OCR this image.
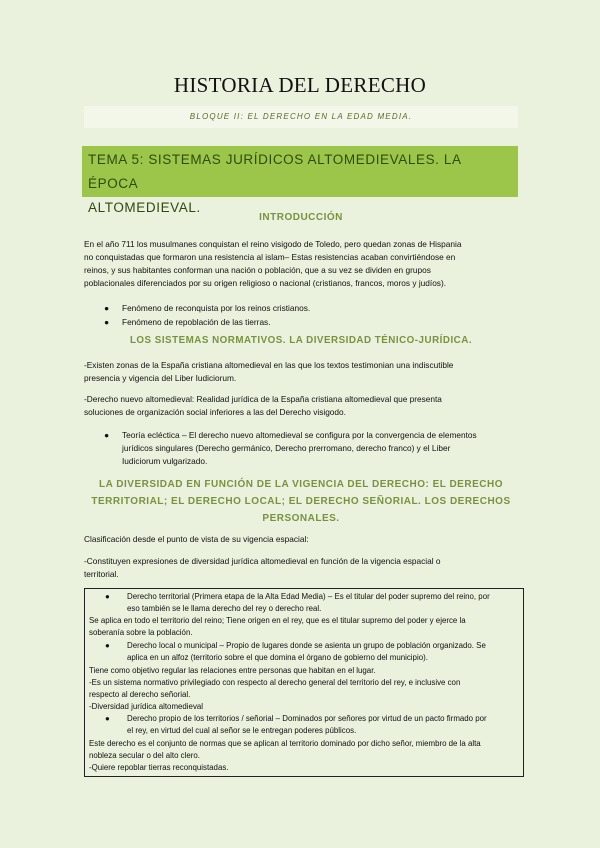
HISTORIA DEL DERECHO
BLOQUE II: EL DERECHO EN LA EDAD MEDIA.
TEMA 5: SISTEMAS JURÍDICOS ALTOMEDIEVALES. LA ÉPOCA
ALTOMEDIEVAL.
INTRODUCCIÓN
En el año 711 los musulmanes conquistan el reino visigodo de Toledo, pero quedan zonas de Hispania
no conquistadas que formaron una resistencia al islam– Estas resistencias acaban convirtiéndose en
reinos, y sus habitantes conforman una nación o población, que a su vez se dividen en grupos
poblacionales diferenciados por su origen religioso o nacional (cristianos, francos, moros y judíos).
● Fenómeno de reconquista por los reinos cristianos.
● Fenómeno de repoblación de las tierras.
LOS SISTEMAS NORMATIVOS. LA DIVERSIDAD TÉNICO-JURÍDICA.
-Existen zonas de la España cristiana altomedieval en las que los textos testimonian una indiscutible
presencia y vigencia del Liber Iudiciorum.
-Derecho nuevo altomedieval: Realidad jurídica de la España cristiana altomedieval que presenta
soluciones de organización social inferiores a las del Derecho visigodo.
● Teoría ecléctica – El derecho nuevo altomedieval se configura por la convergencia de elementos
jurídicos singulares (Derecho germánico, Derecho prerromano, derecho franco) y el Liber
Iudiciorum vulgarizado.
LA DIVERSIDAD EN FUNCIÓN DE LA VIGENCIA DEL DERECHO: EL DERECHO
TERRITORIAL; EL DERECHO LOCAL; EL DERECHO SEÑORIAL. LOS DERECHOS
PERSONALES.
Clasificación desde el punto de vista de su vigencia espacial:
-Constituyen expresiones de diversidad jurídica altomedieval en función de la vigencia espacial o
territorial.
● Derecho territorial (Primera etapa de la Alta Edad Media) – Es el titular del poder supremo del reino, por
eso también se le llama derecho del rey o derecho real.
Se aplica en todo el territorio del reino; Tiene origen en el rey, que es el titular supremo del poder y ejerce la
soberanía sobre la población.
● Derecho local o municipal – Propio de lugares donde se asienta un grupo de población organizado. Se
aplica en un alfoz (territorio sobre el que domina el órgano de gobierno del municipio).
Tiene como objetivo regular las relaciones entre personas que habitan en el lugar.
-Es un sistema normativo privilegiado con respecto al derecho general del territorio del rey, e inclusive con
respecto al derecho señorial.
-Diversidad jurídica altomedieval
● Derecho propio de los territorios / señorial – Dominados por señores por virtud de un pacto firmado por
el rey, en virtud del cual al señor se le entregan poderes públicos.
Este derecho es el conjunto de normas que se aplican al territorio dominado por dicho señor, miembro de la alta
nobleza secular o del alto clero.
-Quiere repoblar tierras reconquistadas.
